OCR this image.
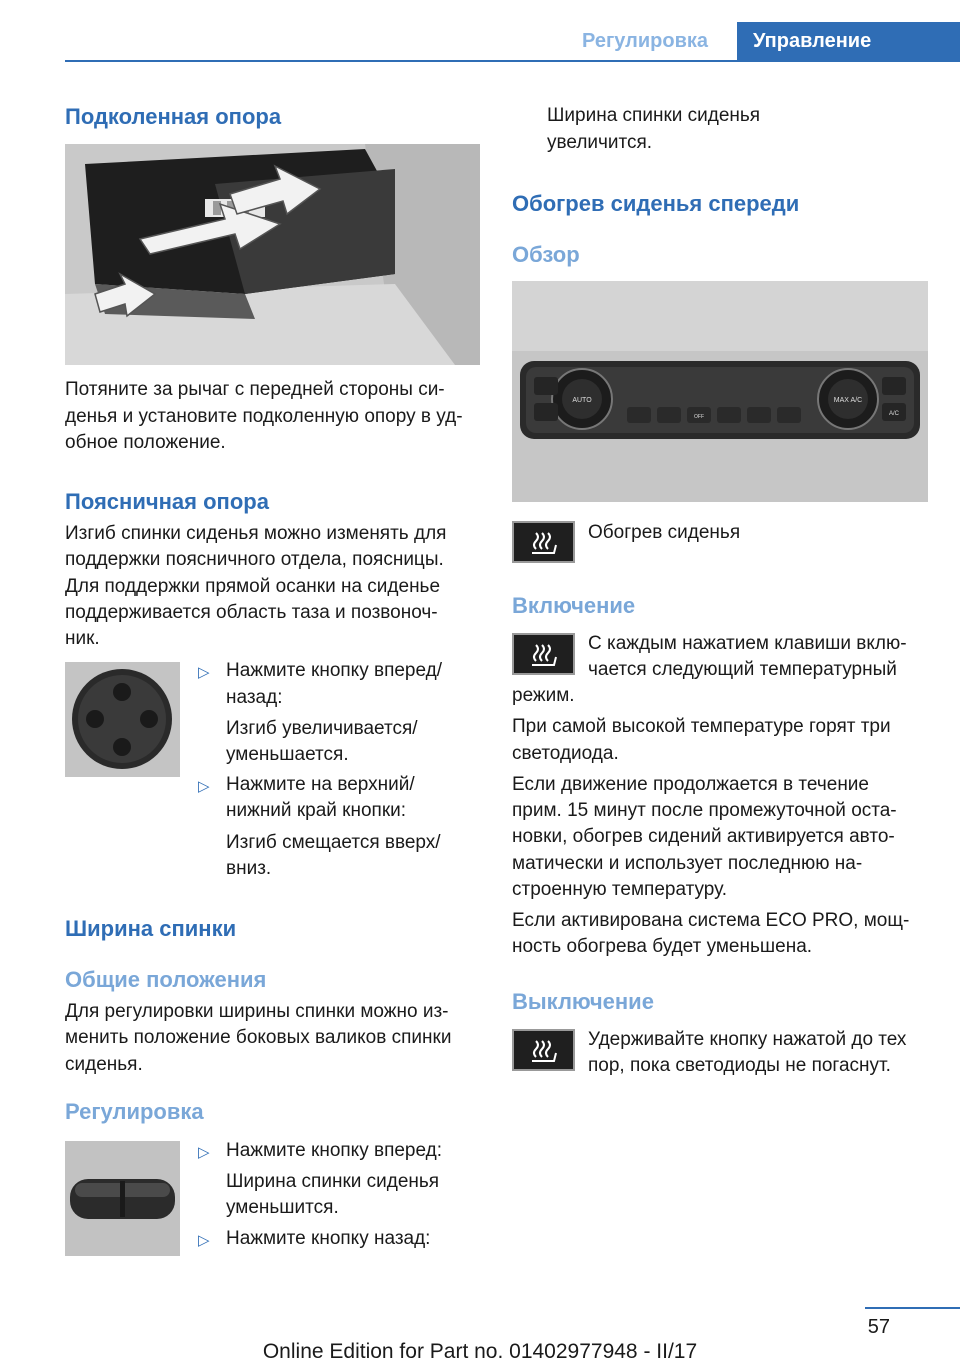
Регулировка	Управление
Подколенная опора
Потяните за рычаг с передней стороны си-
денья и установите подколенную опору в уд-
обное положение.
Поясничная опора
Изгиб спинки сиденья можно изменять для
поддержки поясничного отдела, поясницы.
Для поддержки прямой осанки на сиденье
поддерживается область таза и позвоноч-
ник.
▷ Нажмите кнопку вперед/
назад:
Изгиб увеличивается/
уменьшается.
▷ Нажмите на верхний/
нижний край кнопки:
Изгиб смещается вверх/
вниз.
Ширина спинки
Общие положения
Для регулировки ширины спинки можно из-
менить положение боковых валиков спинки
сиденья.
Регулировка
▷ Нажмите кнопку вперед:
Ширина спинки сиденья
уменьшится.
▷ Нажмите кнопку назад:
Ширина спинки сиденья
увеличится.
Обогрев сиденья спереди
Обзор
AUTO	MAX A/C
A/C
OFF
Обогрев сиденья
Включение
С каждым нажатием клавиши вклю-
чается следующий температурный
режим.
При самой высокой температуре горят три
светодиода.
Если движение продолжается в течение
прим. 15 минут после промежуточной оста-
новки, обогрев сидений активируется авто-
матически и использует последнюю на-
строенную температуру.
Если активирована система ECO PRO, мощ-
ность обогрева будет уменьшена.
Выключение
Удерживайте кнопку нажатой до тех
пор, пока светодиоды не погаснут.
57
Online Edition for Part no. 01402977948 - II/17
